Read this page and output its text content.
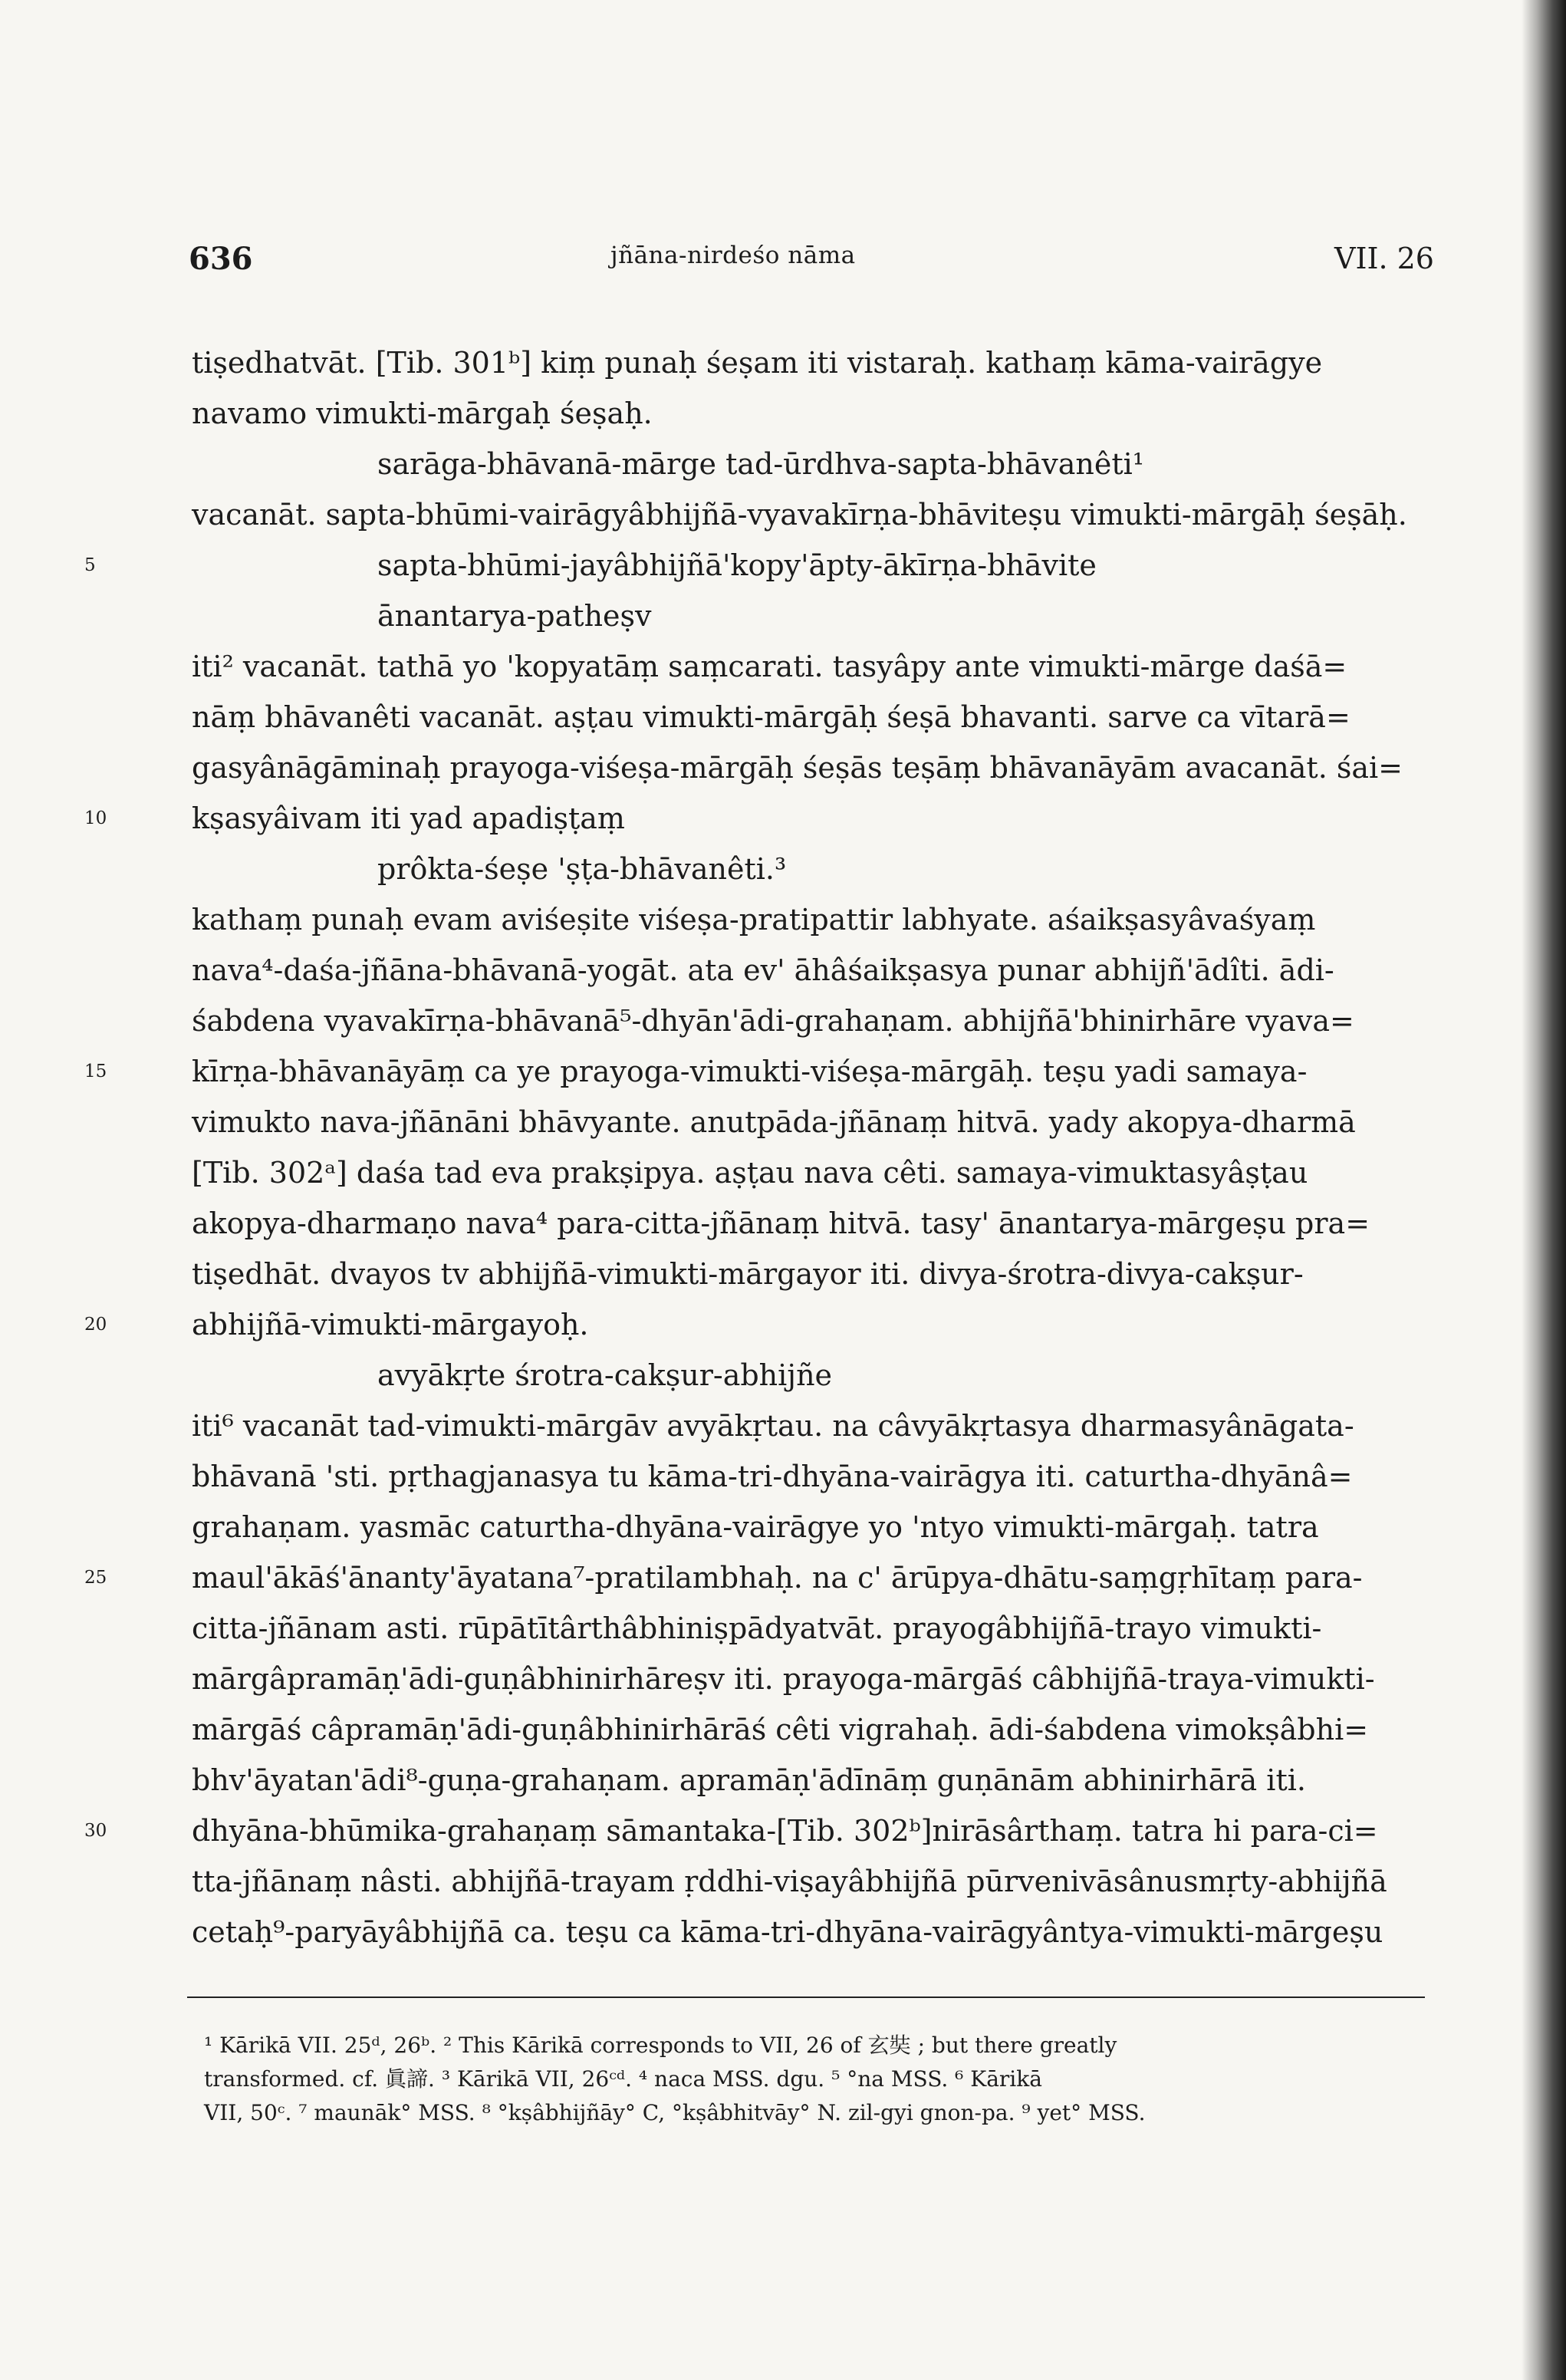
636	jñāna-nirdeśo nāma	VII. 26
tiṣedhatvāt. [Tib. 301ᵇ] kiṃ punaḥ śeṣam iti vistaraḥ. kathaṃ kāma-vairāgye
navamo vimukti-mārgaḥ śeṣaḥ.
sarāga-bhāvanā-mārge tad-ūrdhva-sapta-bhāvanêti¹
vacanāt. sapta-bhūmi-vairāgyâbhijñā-vyavakīrṇa-bhāviteṣu vimukti-mārgāḥ śeṣāḥ.
5	sapta-bhūmi-jayâbhijñā'kopy'āpty-ākīrṇa-bhāvite
ānantarya-patheṣv
iti² vacanāt. tathā yo 'kopyatāṃ saṃcarati. tasyâpy ante vimukti-mārge daśā=
nāṃ bhāvanêti vacanāt. aṣṭau vimukti-mārgāḥ śeṣā bhavanti. sarve ca vītarā=
gasyânāgāminaḥ prayoga-viśeṣa-mārgāḥ śeṣās teṣāṃ bhāvanāyām avacanāt. śai=
10	kṣasyâivam iti yad apadiṣṭaṃ
prôkta-śeṣe 'ṣṭa-bhāvanêti.³
kathaṃ punaḥ evam aviśeṣite viśeṣa-pratipattir labhyate. aśaikṣasyâvaśyaṃ
nava⁴-daśa-jñāna-bhāvanā-yogāt. ata ev' āhâśaikṣasya punar abhijñ'ādîti. ādi-
śabdena vyavakīrṇa-bhāvanā⁵-dhyān'ādi-grahaṇam. abhijñā'bhinirhāre vyava=
15	kīrṇa-bhāvanāyāṃ ca ye prayoga-vimukti-viśeṣa-mārgāḥ. teṣu yadi samaya-
vimukto nava-jñānāni bhāvyante. anutpāda-jñānaṃ hitvā. yady akopya-dharmā
[Tib. 302ᵃ] daśa tad eva prakṣipya. aṣṭau nava cêti. samaya-vimuktasyâṣṭau
akopya-dharmaṇo nava⁴ para-citta-jñānaṃ hitvā. tasy' ānantarya-mārgeṣu pra=
tiṣedhāt. dvayos tv abhijñā-vimukti-mārgayor iti. divya-śrotra-divya-cakṣur-
20	abhijñā-vimukti-mārgayoḥ.
avyākṛte śrotra-cakṣur-abhijñe
iti⁶ vacanāt tad-vimukti-mārgāv avyākṛtau. na câvyākṛtasya dharmasyânāgata-
bhāvanā 'sti. pṛthagjanasya tu kāma-tri-dhyāna-vairāgya iti. caturtha-dhyānâ=
grahaṇam. yasmāc caturtha-dhyāna-vairāgye yo 'ntyo vimukti-mārgaḥ. tatra
25	maul'ākāś'ānanty'āyatana⁷-pratilambhaḥ. na c' ārūpya-dhātu-saṃgṛhītaṃ para-
citta-jñānam asti. rūpātītârthâbhiniṣpādyatvāt. prayogâbhijñā-trayo vimukti-
mārgâpramāṇ'ādi-guṇâbhinirhāreṣv iti. prayoga-mārgāś câbhijñā-traya-vimukti-
mārgāś câpramāṇ'ādi-guṇâbhinirhārāś cêti vigrahaḥ. ādi-śabdena vimokṣâbhi=
bhv'āyatan'ādi⁸-guṇa-grahaṇam. apramāṇ'ādīnāṃ guṇānām abhinirhārā iti.
30	dhyāna-bhūmika-grahaṇaṃ sāmantaka-[Tib. 302ᵇ]nirāsârthaṃ. tatra hi para-ci=
tta-jñānaṃ nâsti. abhijñā-trayam ṛddhi-viṣayâbhijñā pūrvenivāsânusmṛty-abhijñā
cetaḥ⁹-paryāyâbhijñā ca. teṣu ca kāma-tri-dhyāna-vairāgyântya-vimukti-mārgeṣu
¹ Kārikā VII. 25ᵈ, 26ᵇ. ² This Kārikā corresponds to VII, 26 of 玄奘 ; but there greatly
transformed. cf. 眞諦. ³ Kārikā VII, 26ᶜᵈ. ⁴ naca MSS. dgu. ⁵ °na MSS. ⁶ Kārikā
VII, 50ᶜ. ⁷ maunāk° MSS. ⁸ °kṣâbhijñāy° C, °kṣâbhitvāy° N. zil-gyi gnon-pa. ⁹ yet° MSS.
